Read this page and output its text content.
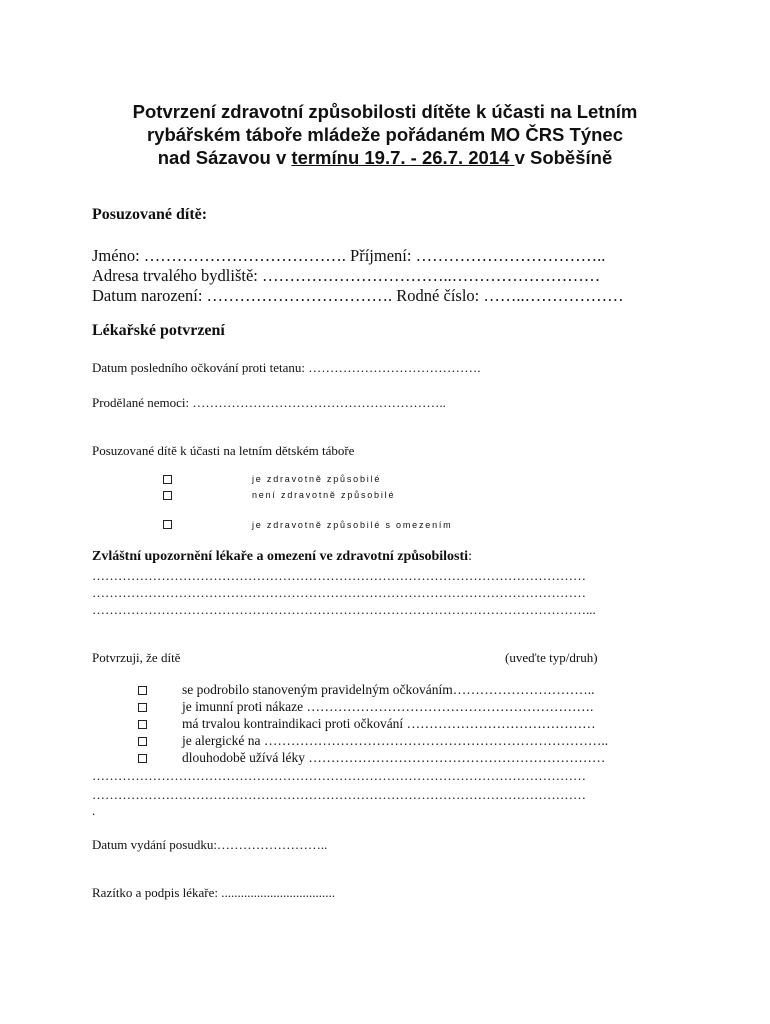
Potvrzení zdravotní způsobilosti dítěte k účasti na Letním
rybářském táboře mládeže pořádaném MO ČRS Týnec
nad Sázavou v termínu 19.7. - 26.7. 2014 v Soběšíně
Posuzované dítě:
Jméno: ………………………………. Příjmení: ……………………………..
Adresa trvalého bydliště: ……………………………..………………………
Datum narození: ……………………………. Rodné číslo: ……..………………
Lékařské potvrzení
Datum posledního očkování proti tetanu: ………………………………….
Prodělané nemoci: …………………………………………………..
Posuzované dítě k účasti na letním dětském táboře
je zdravotně způsobilé
není zdravotně způsobilé
je zdravotně způsobilé s omezením
Zvláštní upozornění lékaře a omezení ve zdravotní způsobilosti:
……………………………………………………………………………………………………
……………………………………………………………………………………………………
……………………………………………………………………………………………………...
Potvrzuji, že dítě	(uveďte typ/druh)
se podrobilo stanoveným pravidelným očkováním…………………………..
je imunní proti nákaze ……………………………………………………….
má trvalou kontraindikaci proti očkování ……………………………………
je alergické na …………………………………………………………………..
dlouhodobě užívá léky …………………………………………………………
……………………………………………………………………………………………………
……………………………………………………………………………………………………
.
Datum vydání posudku:……………………..
Razítko a podpis lékaře: ...................................
